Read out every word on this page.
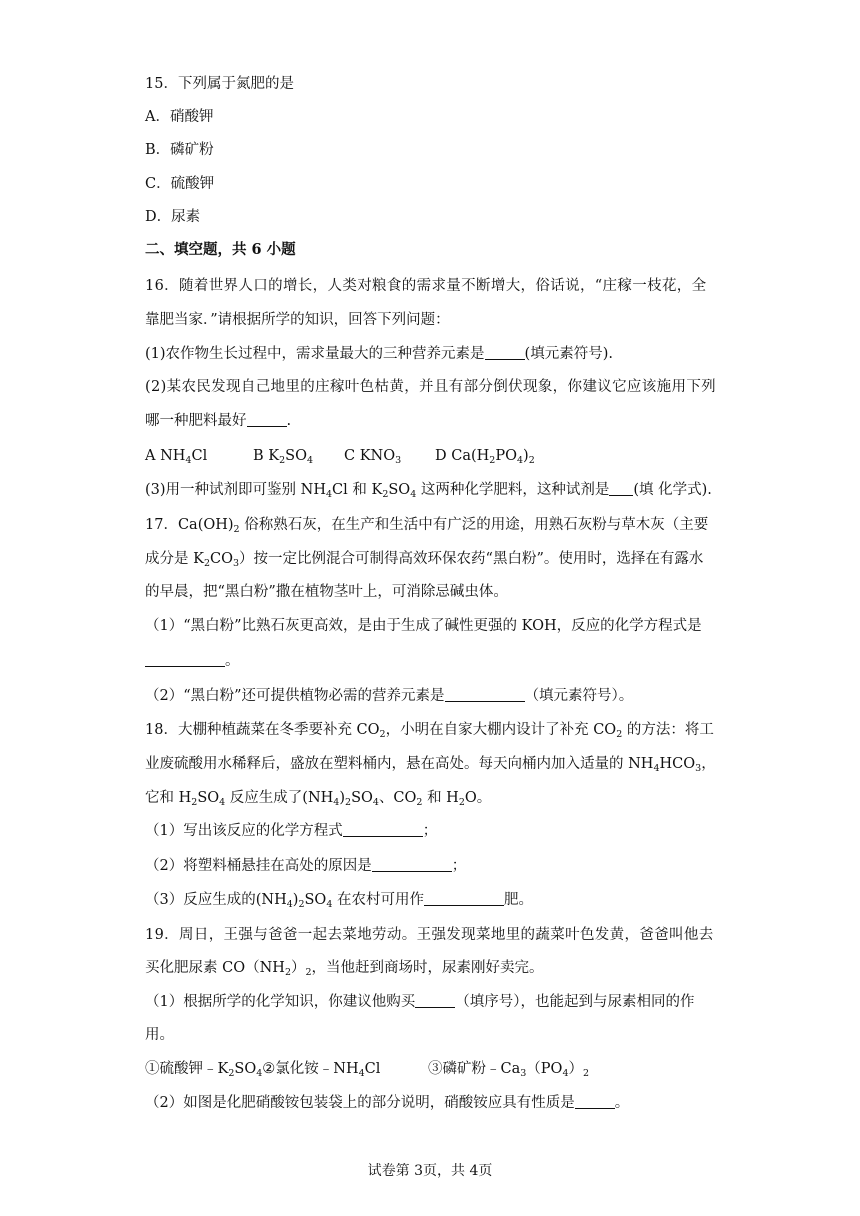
15．下列属于氮肥的是
A．硝酸钾
B．磷矿粉
C．硫酸钾
D．尿素
二、填空题，共 6 小题
16．随着世界人口的增长，人类对粮食的需求量不断增大，俗话说，“庄稼一枝花，全
靠肥当家．”请根据所学的知识，回答下列问题：
(1)农作物生长过程中，需求量最大的三种营养元素是	(填元素符号).
(2)某农民发现自己地里的庄稼叶色枯黄，并且有部分倒伏现象，你建议它应该施用下列
哪一种肥料最好	.
A $NH_4Cl$	B $K_2SO_4$ C $KNO_3$ D $Ca(H_2PO_4)_2$
(3)用一种试剂即可鉴别 $NH_4Cl$ 和 $K_2SO_4$ 这两种化学肥料，这种试剂是 (填 化学式).
17．$Ca(OH)_2$ 俗称熟石灰，在生产和生活中有广泛的用途，用熟石灰粉与草木灰（主要
成分是 $K_2CO_3$）按一定比例混合可制得高效环保农药“黑白粉”。使用时，选择在有露水
的早晨，把“黑白粉”撒在植物茎叶上，可消除忌碱虫体。
（1）“黑白粉”比熟石灰更高效，是由于生成了碱性更强的 KOH，反应的化学方程式是
。
（2）“黑白粉”还可提供植物必需的营养元素是	（填元素符号）。
18．大棚种植蔬菜在冬季要补充 $CO_2$，小明在自家大棚内设计了补充 $CO_2$ 的方法：将工
业废硫酸用水稀释后，盛放在塑料桶内，悬在高处。每天向桶内加入适量的 $NH_4HCO_3$，
它和 $H_2SO_4$ 反应生成了$(NH_4)_2SO_4$、$CO_2$ 和 $H_2O$。
（1）写出该反应的化学方程式	；
（2）将塑料桶悬挂在高处的原因是	；
（3）反应生成的$(NH_4)_2SO_4$ 在农村可用作	肥。
19．周日，王强与爸爸一起去菜地劳动。王强发现菜地里的蔬菜叶色发黄，爸爸叫他去
买化肥尿素 $CO(NH_2)_2$，当他赶到商场时，尿素刚好卖完。
（1）根据所学的化学知识，你建议他购买	（填序号），也能起到与尿素相同的作
用。
①硫酸钾$﹣K_2SO_4②$氯化铵$﹣NH_4Cl$	③磷矿粉$﹣Ca_3(PO_4)_2$
（2）如图是化肥硝酸铵包装袋上的部分说明，硝酸铵应具有性质是	。
试卷第 3页，共 4页
